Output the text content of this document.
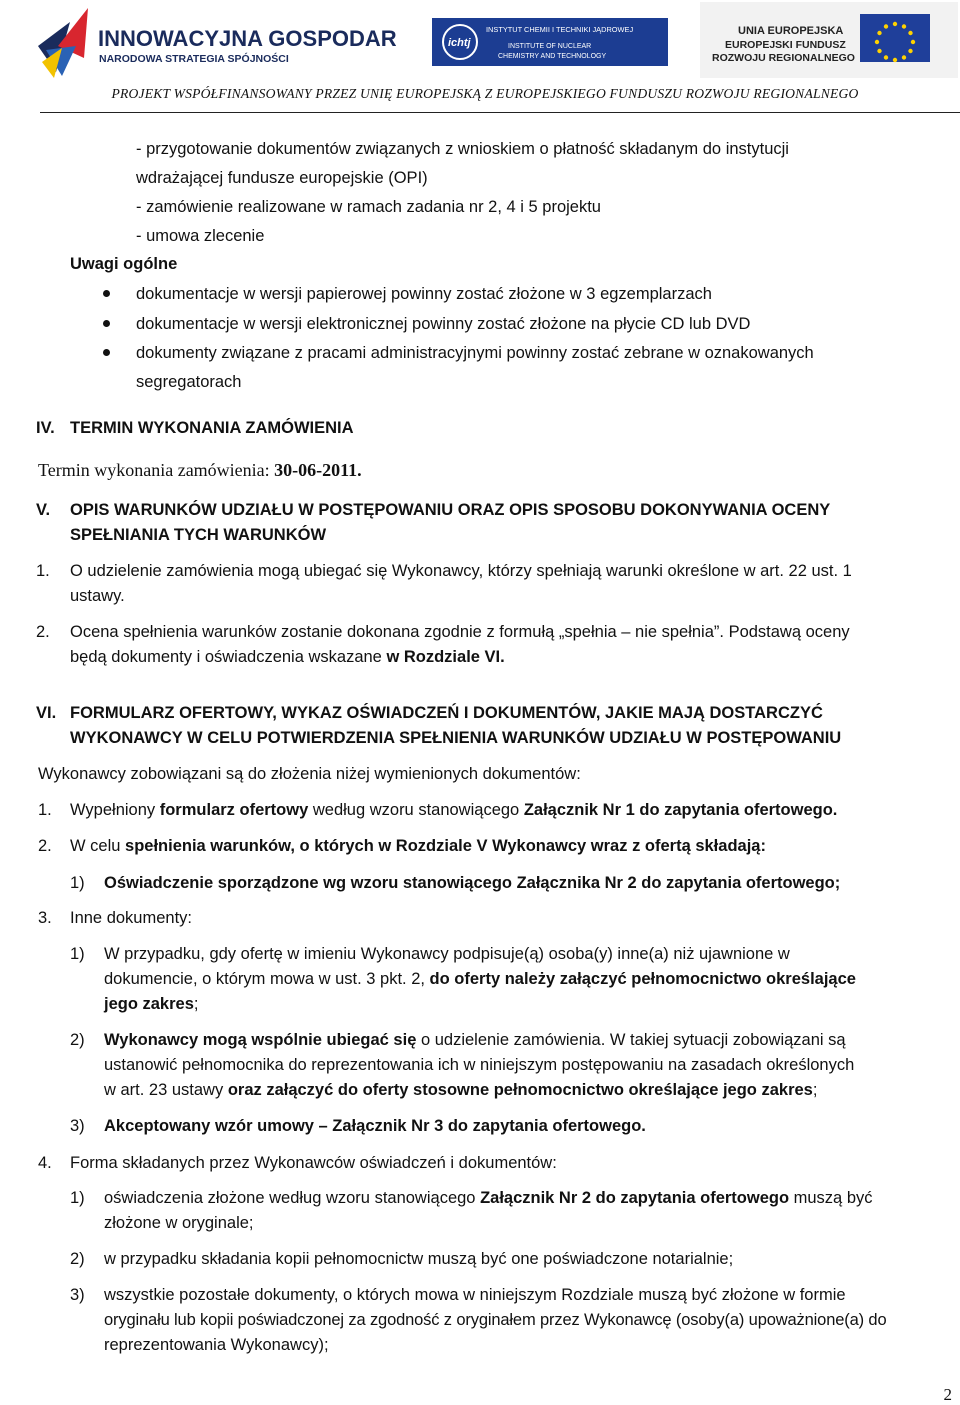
INNOWACYJNA GOSPODARKA
NARODOWA STRATEGIA SPÓJNOŚCI
ichtj
INSTYTUT CHEMII I TECHNIKI JĄDROWEJ
INSTITUTE OF NUCLEAR
CHEMISTRY AND TECHNOLOGY
UNIA EUROPEJSKA
EUROPEJSKI FUNDUSZ
ROZWOJU REGIONALNEGO
PROJEKT WSPÓŁFINANSOWANY PRZEZ UNIĘ EUROPEJSKĄ Z EUROPEJSKIEGO FUNDUSZU ROZWOJU REGIONALNEGO
- przygotowanie dokumentów związanych z wnioskiem o płatność składanym do instytucji
wdrażającej fundusze europejskie (OPI)
- zamówienie realizowane w ramach zadania nr 2, 4 i 5 projektu
- umowa zlecenie
Uwagi ogólne
dokumentacje w wersji papierowej powinny zostać złożone w 3 egzemplarzach
dokumentacje w wersji elektronicznej powinny zostać złożone na płycie CD lub DVD
dokumenty związane z pracami administracyjnymi powinny zostać zebrane w oznakowanych
segregatorach
IV. TERMIN WYKONANIA ZAMÓWIENIA
Termin wykonania zamówienia: 30-06-2011.
V. OPIS WARUNKÓW UDZIAŁU W POSTĘPOWANIU ORAZ OPIS SPOSOBU DOKONYWANIA OCENY
SPEŁNIANIA TYCH WARUNKÓW
1. O udzielenie zamówienia mogą ubiegać się Wykonawcy, którzy spełniają warunki określone w art. 22 ust. 1
ustawy.
2. Ocena spełnienia warunków zostanie dokonana zgodnie z formułą „spełnia – nie spełnia”. Podstawą oceny
będą dokumenty i oświadczenia wskazane w Rozdziale VI.
VI. FORMULARZ OFERTOWY, WYKAZ OŚWIADCZEŃ I DOKUMENTÓW, JAKIE MAJĄ DOSTARCZYĆ
WYKONAWCY W CELU POTWIERDZENIA SPEŁNIENIA WARUNKÓW UDZIAŁU W POSTĘPOWANIU
Wykonawcy zobowiązani są do złożenia niżej wymienionych dokumentów:
1. Wypełniony formularz ofertowy według wzoru stanowiącego Załącznik Nr 1 do zapytania ofertowego.
2. W celu spełnienia warunków, o których w Rozdziale V Wykonawcy wraz z ofertą składają:
1) Oświadczenie sporządzone wg wzoru stanowiącego Załącznika Nr 2 do zapytania ofertowego;
3. Inne dokumenty:
1) W przypadku, gdy ofertę w imieniu Wykonawcy podpisuje(ą) osoba(y) inne(a) niż ujawnione w
dokumencie, o którym mowa w ust. 3 pkt. 2, do oferty należy załączyć pełnomocnictwo określające
jego zakres;
2) Wykonawcy mogą wspólnie ubiegać się o udzielenie zamówienia. W takiej sytuacji zobowiązani są
ustanowić pełnomocnika do reprezentowania ich w niniejszym postępowaniu na zasadach określonych
w art. 23 ustawy oraz załączyć do oferty stosowne pełnomocnictwo określające jego zakres;
3) Akceptowany wzór umowy – Załącznik Nr 3 do zapytania ofertowego.
4. Forma składanych przez Wykonawców oświadczeń i dokumentów:
1) oświadczenia złożone według wzoru stanowiącego Załącznik Nr 2 do zapytania ofertowego muszą być
złożone w oryginale;
2) w przypadku składania kopii pełnomocnictw muszą być one poświadczone notarialnie;
3) wszystkie pozostałe dokumenty, o których mowa w niniejszym Rozdziale muszą być złożone w formie
oryginału lub kopii poświadczonej za zgodność z oryginałem przez Wykonawcę (osoby(a) upoważnione(a) do
reprezentowania Wykonawcy);
2
